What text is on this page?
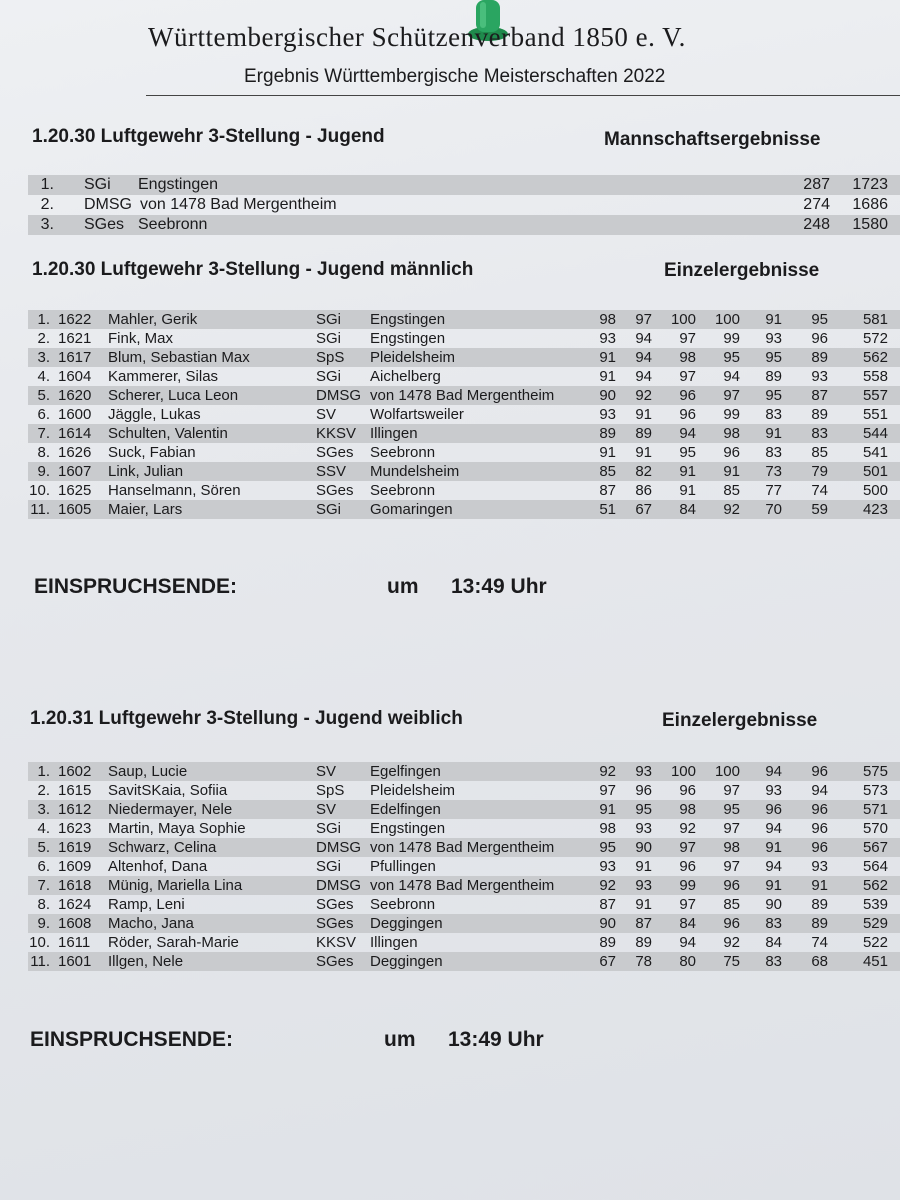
Württembergischer Schützenverband 1850 e. V.
Ergebnis Württembergische Meisterschaften 2022
1.20.30 Luftgewehr 3-Stellung - Jugend	Mannschaftsergebnisse
1. SGi Engstingen	287 1723
2. DMSG von 1478 Bad Mergentheim	274 1686
3. SGes Seebronn	248 1580
1.20.30 Luftgewehr 3-Stellung - Jugend männlich	Einzelergebnisse
1. 1622 Mahler, Gerik	SGi Engstingen	98	97	100	100	91	95	581
2. 1621 Fink, Max	SGi Engstingen	93	94	97	99	93	96	572
3. 1617 Blum, Sebastian Max	SpS Pleidelsheim	91	94	98	95	95	89	562
4. 1604 Kammerer, Silas	SGi Aichelberg	91	94	97	94	89	93	558
5. 1620 Scherer, Luca Leon	DMSG von 1478 Bad Mergentheim	90	92	96	97	95	87	557
6. 1600 Jäggle, Lukas	SV Wolfartsweiler	93	91	96	99	83	89	551
7. 1614 Schulten, Valentin	KKSV Illingen	89	89	94	98	91	83	544
8. 1626 Suck, Fabian	SGes Seebronn	91	91	95	96	83	85	541
9. 1607 Link, Julian	SSV Mundelsheim	85	82	91	91	73	79	501
10. 1625 Hanselmann, Sören	SGes Seebronn	87	86	91	85	77	74	500
11. 1605 Maier, Lars	SGi Gomaringen	51	67	84	92	70	59	423
EINSPRUCHSENDE:	um 13:49 Uhr
1.20.31 Luftgewehr 3-Stellung - Jugend weiblich	Einzelergebnisse
1. 1602 Saup, Lucie	SV Egelfingen	92	93	100	100	94	96	575
2. 1615 SavitSKaia, Sofiia	SpS Pleidelsheim	97	96	96	97	93	94	573
3. 1612 Niedermayer, Nele	SV Edelfingen	91	95	98	95	96	96	571
4. 1623 Martin, Maya Sophie	SGi Engstingen	98	93	92	97	94	96	570
5. 1619 Schwarz, Celina	DMSG von 1478 Bad Mergentheim	95	90	97	98	91	96	567
6. 1609 Altenhof, Dana	SGi Pfullingen	93	91	96	97	94	93	564
7. 1618 Münig, Mariella Lina	DMSG von 1478 Bad Mergentheim	92	93	99	96	91	91	562
8. 1624 Ramp, Leni	SGes Seebronn	87	91	97	85	90	89	539
9. 1608 Macho, Jana	SGes Deggingen	90	87	84	96	83	89	529
10. 1611 Röder, Sarah-Marie	KKSV Illingen	89	89	94	92	84	74	522
11. 1601 Illgen, Nele	SGes Deggingen	67	78	80	75	83	68	451
EINSPRUCHSENDE:	um 13:49 Uhr
